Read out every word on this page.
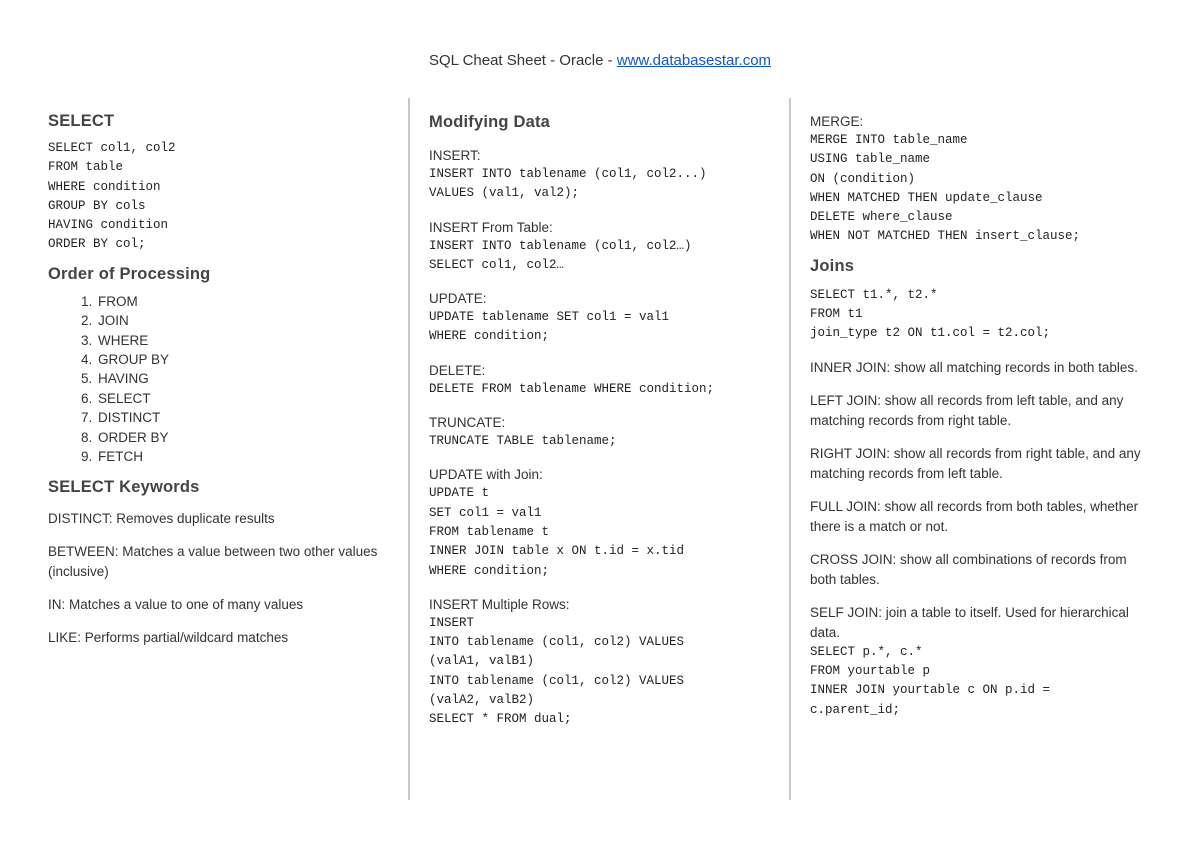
SQL Cheat Sheet - Oracle - www.databasestar.com
SELECT
SELECT col1, col2
FROM table
WHERE condition
GROUP BY cols
HAVING condition
ORDER BY col;
Order of Processing
1. FROM
2. JOIN
3. WHERE
4. GROUP BY
5. HAVING
6. SELECT
7. DISTINCT
8. ORDER BY
9. FETCH
SELECT Keywords

DISTINCT: Removes duplicate results

BETWEEN: Matches a value between two other values (inclusive)

IN: Matches a value to one of many values

LIKE: Performs partial/wildcard matches

Modifying Data

INSERT:

INSERT INTO tablename (col1, col2...)
VALUES (val1, val2);

INSERT From Table:

INSERT INTO tablename (col1, col2…)
SELECT col1, col2…

UPDATE:

UPDATE tablename SET col1 = val1
WHERE condition;

DELETE:

DELETE FROM tablename WHERE condition;

TRUNCATE:

TRUNCATE TABLE tablename;

UPDATE with Join:

UPDATE t
SET col1 = val1
FROM tablename t
INNER JOIN table x ON t.id = x.tid
WHERE condition;

INSERT Multiple Rows:

INSERT
INTO tablename (col1, col2) VALUES
(valA1, valB1)
INTO tablename (col1, col2) VALUES
(valA2, valB2)
SELECT * FROM dual;

MERGE:

MERGE INTO table_name
USING table_name
ON (condition)
WHEN MATCHED THEN update_clause
DELETE where_clause
WHEN NOT MATCHED THEN insert_clause;
Joins
SELECT t1.*, t2.*
FROM t1
join_type t2 ON t1.col = t2.col;

INNER JOIN: show all matching records in both tables.

LEFT JOIN: show all records from left table, and any matching records from right table.

RIGHT JOIN: show all records from right table, and any matching records from left table.

FULL JOIN: show all records from both tables, whether there is a match or not.

CROSS JOIN: show all combinations of records from both tables.

SELF JOIN: join a table to itself. Used for hierarchical data.

SELECT p.*, c.*
FROM yourtable p
INNER JOIN yourtable c ON p.id =
c.parent_id;
